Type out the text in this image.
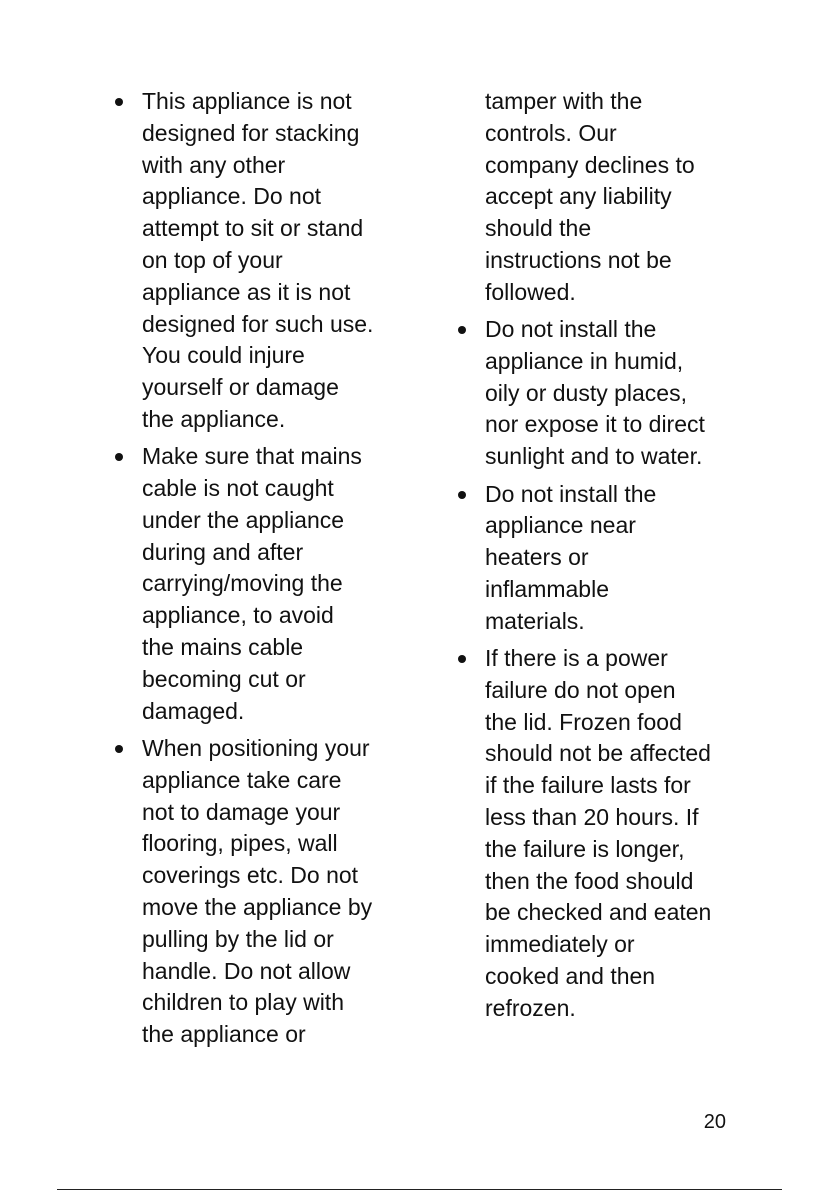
This appliance is not
designed for stacking
with any other
appliance. Do not
attempt to sit or stand
on top of your
appliance as it is not
designed for such use.
You could injure
yourself or damage
the appliance.
Make sure that mains
cable is not caught
under the appliance
during and after
carrying/moving the
appliance, to avoid
the mains cable
becoming cut or
damaged.
When positioning your
appliance take care
not to damage your
flooring, pipes, wall
coverings etc. Do not
move the appliance by
pulling by the lid or
handle. Do not allow
children to play with
the appliance or
tamper with the
controls. Our
company declines to
accept any liability
should the
instructions not be
followed.
Do not install the
appliance in humid,
oily or dusty places,
nor expose it to direct
sunlight and to water.
Do not install the
appliance near
heaters or
inflammable
materials.
If there is a power
failure do not open
the lid. Frozen food
should not be affected
if the failure lasts for
less than 20 hours. If
the failure is longer,
then the food should
be checked and eaten
immediately or
cooked and then
refrozen.
20
